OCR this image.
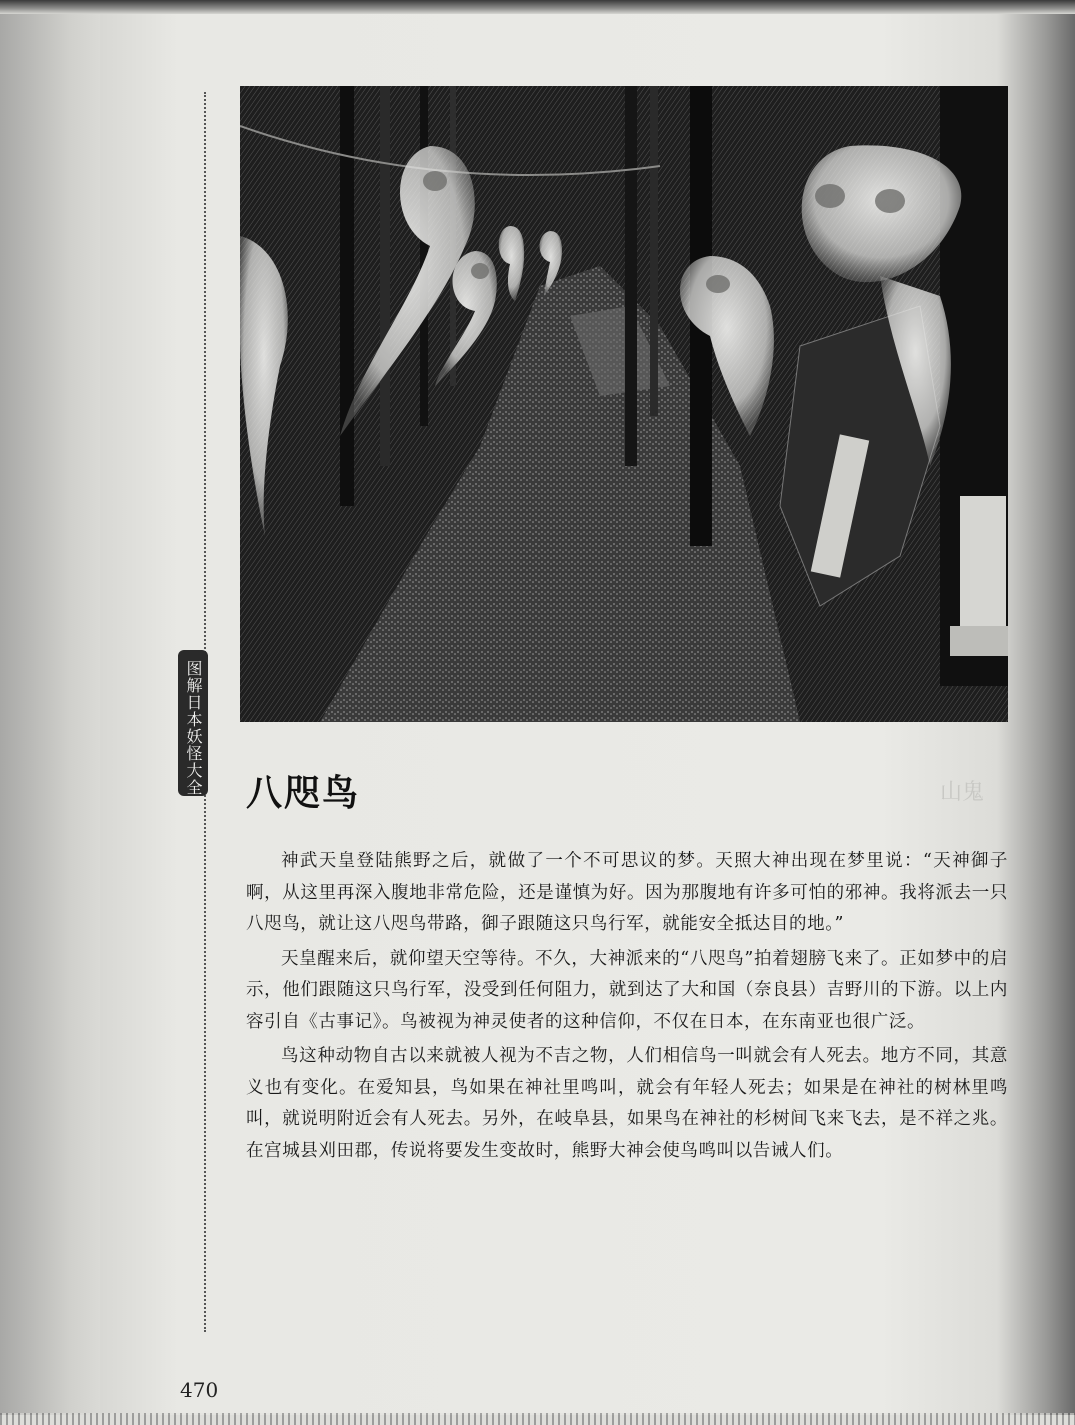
图解日本妖怪大全 八咫鸟	山鬼

神武天皇登陆熊野之后，就做了一个不可思议的梦。天照大神出现在梦里说：“天神御子啊，从这里再深入腹地非常危险，还是谨慎为好。因为那腹地有许多可怕的邪神。我将派去一只八咫鸟，就让这八咫鸟带路，御子跟随这只鸟行军，就能安全抵达目的地。”

天皇醒来后，就仰望天空等待。不久，大神派来的“八咫鸟”拍着翅膀飞来了。正如梦中的启示，他们跟随这只鸟行军，没受到任何阻力，就到达了大和国（奈良县）吉野川的下游。以上内容引自《古事记》。鸟被视为神灵使者的这种信仰，不仅在日本，在东南亚也很广泛。

鸟这种动物自古以来就被人视为不吉之物，人们相信鸟一叫就会有人死去。地方不同，其意义也有变化。在爱知县，鸟如果在神社里鸣叫，就会有年轻人死去；如果是在神社的树林里鸣叫，就说明附近会有人死去。另外，在岐阜县，如果鸟在神社的杉树间飞来飞去，是不祥之兆。在宫城县刈田郡，传说将要发生变故时，熊野大神会使鸟鸣叫以告诫人们。

470
